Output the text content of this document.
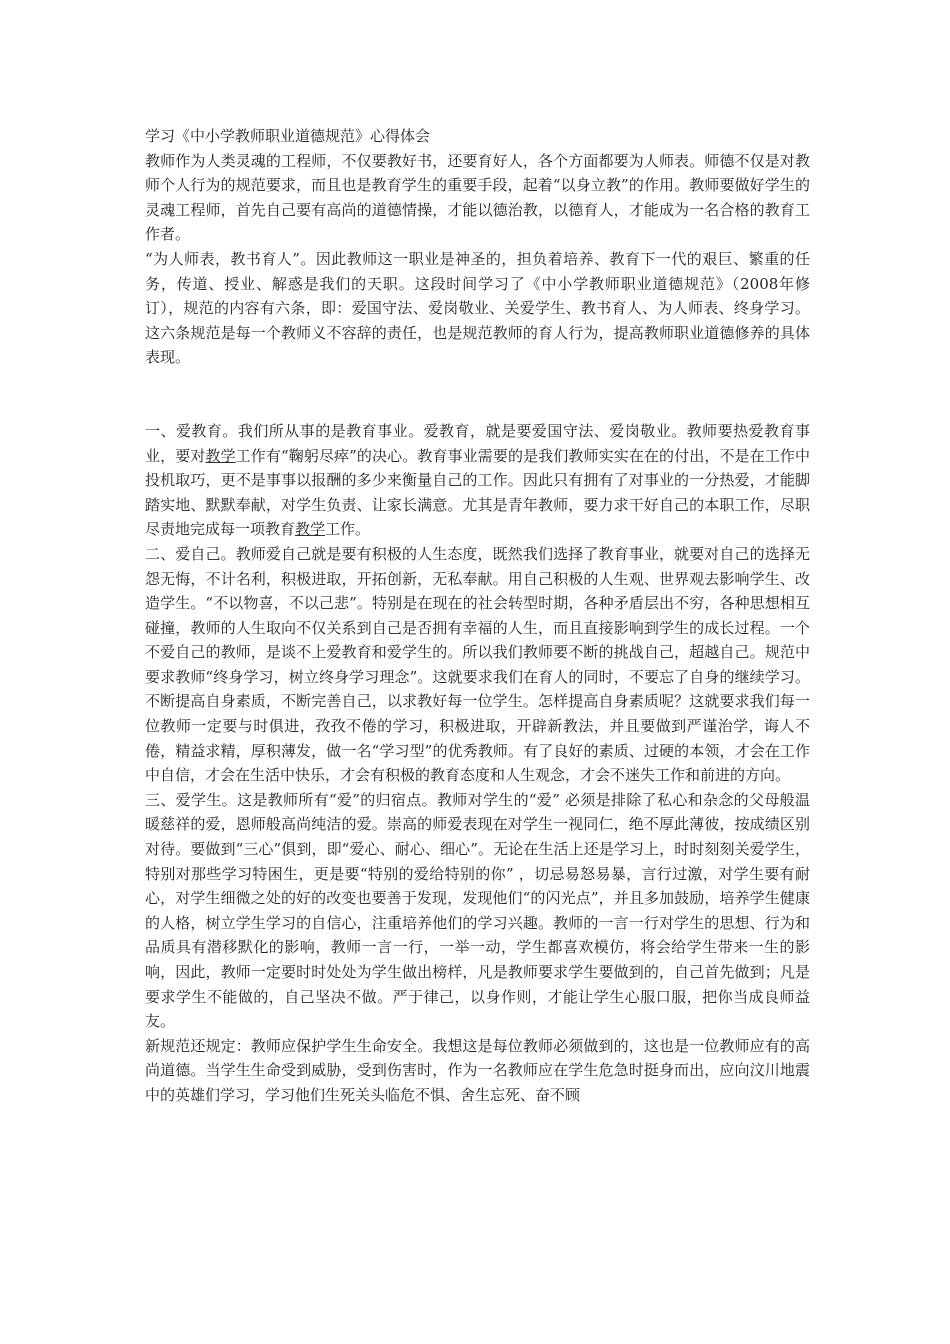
学习《中小学教师职业道德规范》心得体会

教师作为人类灵魂的工程师，不仅要教好书，还要育好人，各个方面都要为人师表。师德不仅是对教师个人行为的规范要求，而且也是教育学生的重要手段，起着“以身立教”的作用。教师要做好学生的灵魂工程师，首先自己要有高尚的道德情操，才能以德治教，以德育人，才能成为一名合格的教育工作者。

“为人师表，教书育人”。因此教师这一职业是神圣的，担负着培养、教育下一代的艰巨、繁重的任务，传道、授业、解惑是我们的天职。这段时间学习了《中小学教师职业道德规范》（2008年修订），规范的内容有六条，即：爱国守法、爱岗敬业、关爱学生、教书育人、为人师表、终身学习。这六条规范是每一个教师义不容辞的责任，也是规范教师的育人行为，提高教师职业道德修养的具体表现。

一、爱教育。我们所从事的是教育事业。爱教育，就是要爱国守法、爱岗敬业。教师要热爱教育事业，要对教学工作有“鞠躬尽瘁”的决心。教育事业需要的是我们教师实实在在的付出，不是在工作中投机取巧，更不是事事以报酬的多少来衡量自己的工作。因此只有拥有了对事业的一分热爱，才能脚踏实地、默默奉献，对学生负责、让家长满意。尤其是青年教师，要力求干好自己的本职工作，尽职尽责地完成每一项教育教学工作。

二、爱自己。教师爱自己就是要有积极的人生态度，既然我们选择了教育事业，就要对自己的选择无怨无悔，不计名利，积极进取，开拓创新，无私奉献。用自己积极的人生观、世界观去影响学生、改造学生。“不以物喜，不以己悲”。特别是在现在的社会转型时期，各种矛盾层出不穷，各种思想相互碰撞，教师的人生取向不仅关系到自己是否拥有幸福的人生，而且直接影响到学生的成长过程。一个不爱自己的教师，是谈不上爱教育和爱学生的。所以我们教师要不断的挑战自己，超越自己。规范中要求教师“终身学习，树立终身学习理念”。这就要求我们在育人的同时，不要忘了自身的继续学习。不断提高自身素质，不断完善自己，以求教好每一位学生。怎样提高自身素质呢？这就要求我们每一位教师一定要与时俱进，孜孜不倦的学习，积极进取，开辟新教法，并且要做到严谨治学，诲人不倦，精益求精，厚积薄发，做一名“学习型”的优秀教师。有了良好的素质、过硬的本领，才会在工作中自信，才会在生活中快乐，才会有积极的教育态度和人生观念，才会不迷失工作和前进的方向。

三、爱学生。这是教师所有“爱”的归宿点。教师对学生的“爱” 必须是排除了私心和杂念的父母般温暖慈祥的爱，恩师般高尚纯洁的爱。崇高的师爱表现在对学生一视同仁，绝不厚此薄彼，按成绩区别对待。要做到“三心”俱到，即“爱心、耐心、细心”。无论在生活上还是学习上，时时刻刻关爱学生，特别对那些学习特困生，更是要“特别的爱给特别的你” ，切忌易怒易暴，言行过激，对学生要有耐心，对学生细微之处的好的改变也要善于发现，发现他们“的闪光点”，并且多加鼓励，培养学生健康的人格，树立学生学习的自信心，注重培养他们的学习兴趣。教师的一言一行对学生的思想、行为和品质具有潜移默化的影响，教师一言一行，一举一动，学生都喜欢模仿，将会给学生带来一生的影响，因此，教师一定要时时处处为学生做出榜样，凡是教师要求学生要做到的，自己首先做到；凡是要求学生不能做的，自己坚决不做。严于律己，以身作则，才能让学生心服口服，把你当成良师益友。

新规范还规定：教师应保护学生生命安全。我想这是每位教师必须做到的，这也是一位教师应有的高尚道德。当学生生命受到威胁，受到伤害时，作为一名教师应在学生危急时挺身而出，应向汶川地震中的英雄们学习，学习他们生死关头临危不惧、舍生忘死、奋不顾
